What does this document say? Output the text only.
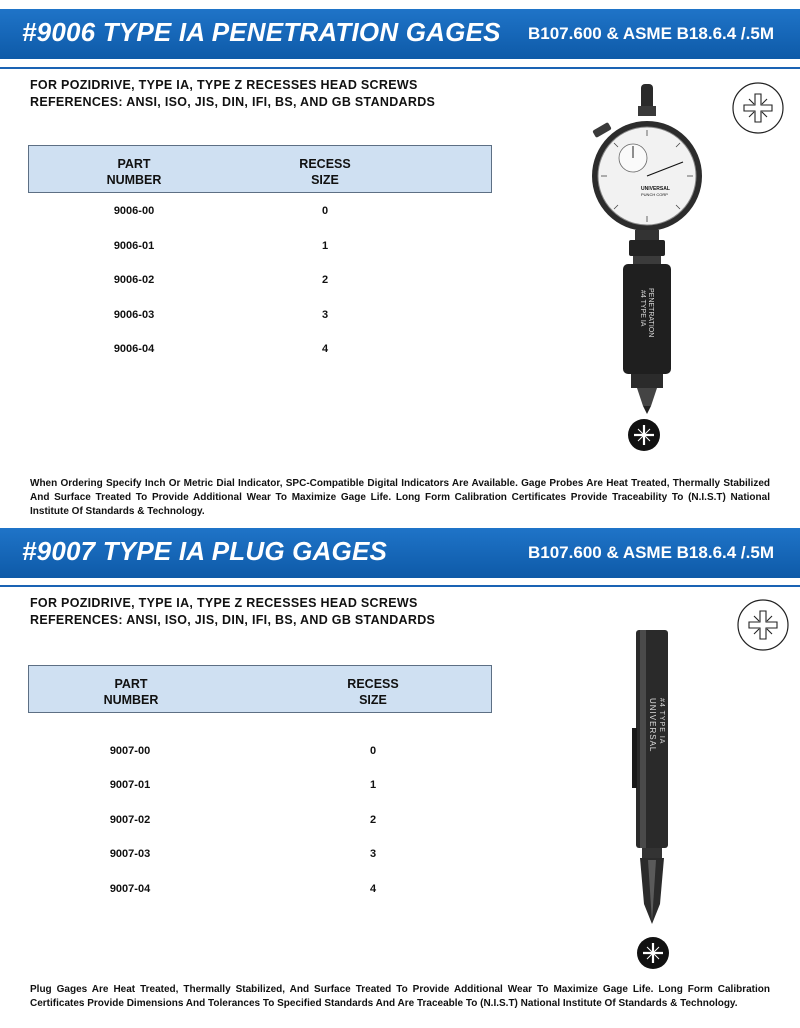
#9006 TYPE IA PENETRATION GAGES B107.600 & ASME B18.6.4 /.5M
FOR POZIDRIVE, TYPE IA, TYPE Z RECESSES HEAD SCREWS
REFERENCES: ANSI, ISO, JIS, DIN, IFI, BS, AND GB STANDARDS
PART
NUMBER
RECESS
SIZE
9006-00	0
9006-01	1
9006-02	2
9006-03	3
9006-04	4
UNIVERSAL
PUNCH CORP
#4 TYPE IA PENETRATION
When Ordering Specify Inch Or Metric Dial Indicator, SPC-Compatible Digital Indicators Are Available. Gage Probes Are Heat Treated, Thermally Stabilized And Surface Treated To Provide Additional Wear To Maximize Gage Life. Long Form Calibration Certificates Provide Traceability To (N.I.S.T) National Institute Of Standards & Technology.
#9007 TYPE IA PLUG GAGES	B107.600 & ASME B18.6.4 /.5M
FOR POZIDRIVE, TYPE IA, TYPE Z RECESSES HEAD SCREWS
REFERENCES: ANSI, ISO, JIS, DIN, IFI, BS, AND GB STANDARDS
PART
NUMBER
RECESS
SIZE
9007-00	0
9007-01	1
9007-02	2
9007-03	3
9007-04	4
UNIVERSAL #4 TYPE IA
Plug Gages Are Heat Treated, Thermally Stabilized, And Surface Treated To Provide Additional Wear To Maximize Gage Life. Long Form Calibration Certificates Provide Dimensions And Tolerances To Specified Standards And Are Traceable To (N.I.S.T) National Institute Of Standards & Technology.
